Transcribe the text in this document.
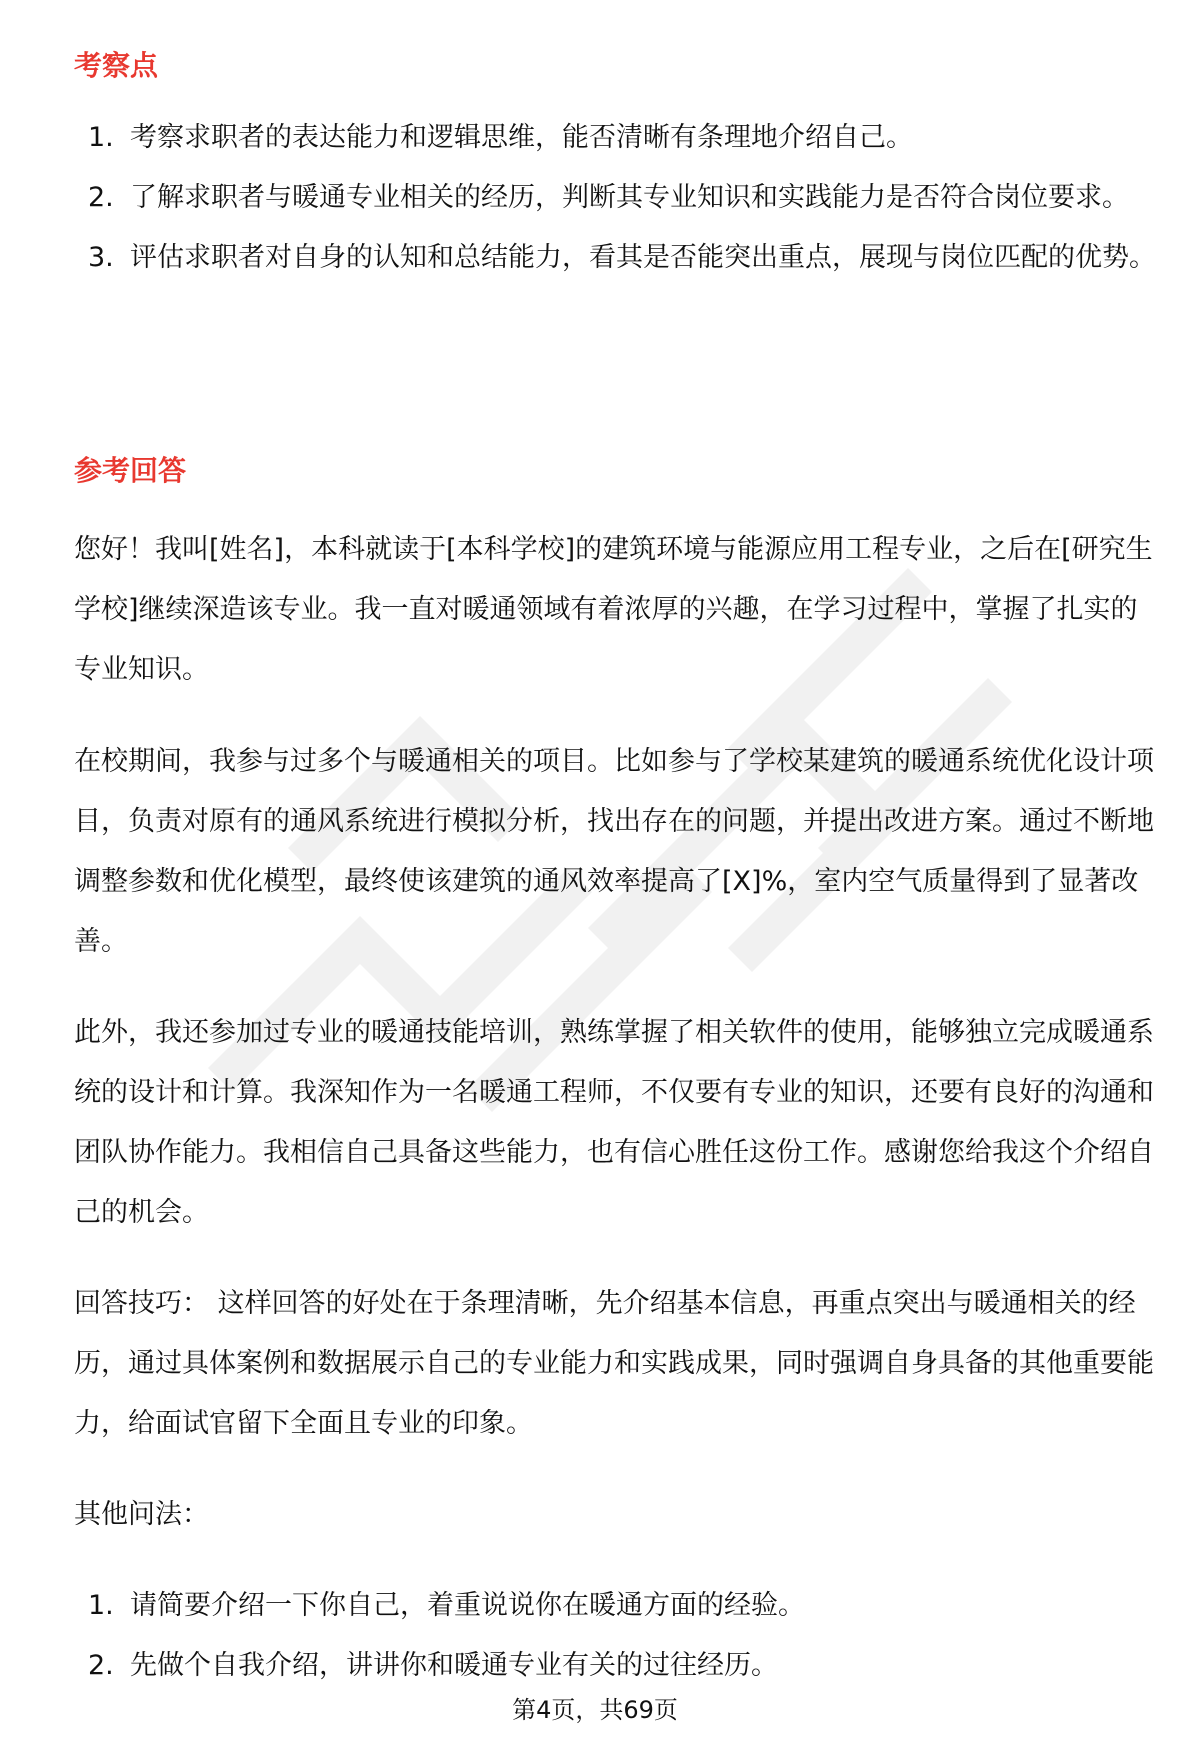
考察点
1. 考察求职者的表达能力和逻辑思维，能否清晰有条理地介绍自己。
2. 了解求职者与暖通专业相关的经历，判断其专业知识和实践能力是否符合岗位要求。
3. 评估求职者对自身的认知和总结能力，看其是否能突出重点，展现与岗位匹配的优势。
参考回答

您好！我叫[姓名]，本科就读于[本科学校]的建筑环境与能源应用工程专业，之后在[研究生学校]继续深造该专业。我一直对暖通领域有着浓厚的兴趣，在学习过程中，掌握了扎实的专业知识。

在校期间，我参与过多个与暖通相关的项目。比如参与了学校某建筑的暖通系统优化设计项目，负责对原有的通风系统进行模拟分析，找出存在的问题，并提出改进方案。通过不断地调整参数和优化模型，最终使该建筑的通风效率提高了[X]%，室内空气质量得到了显著改善。

此外，我还参加过专业的暖通技能培训，熟练掌握了相关软件的使用，能够独立完成暖通系统的设计和计算。我深知作为一名暖通工程师，不仅要有专业的知识，还要有良好的沟通和团队协作能力。我相信自己具备这些能力，也有信心胜任这份工作。感谢您给我这个介绍自己的机会。

回答技巧： 这样回答的好处在于条理清晰，先介绍基本信息，再重点突出与暖通相关的经历，通过具体案例和数据展示自己的专业能力和实践成果，同时强调自身具备的其他重要能力，给面试官留下全面且专业的印象。

其他问法：

1. 请简要介绍一下你自己，着重说说你在暖通方面的经验。
2. 先做个自我介绍，讲讲你和暖通专业有关的过往经历。
第4页，共69页
